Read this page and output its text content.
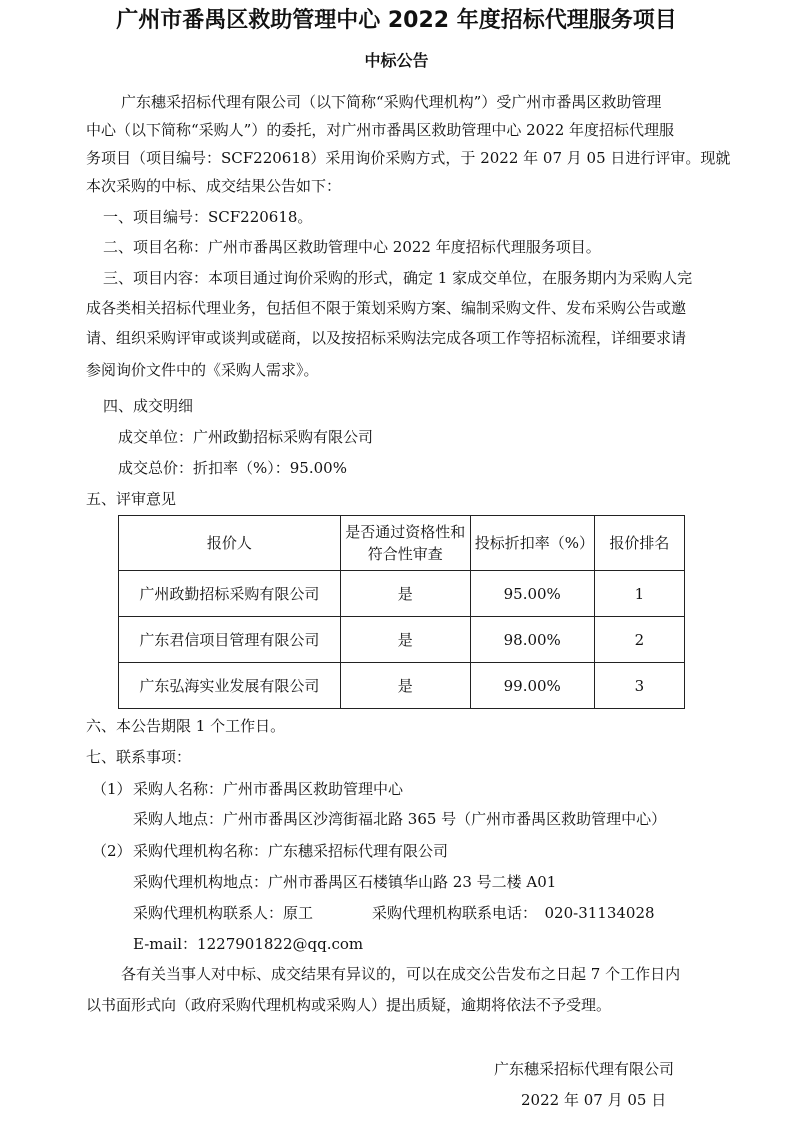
广州市番禺区救助管理中心 2022 年度招标代理服务项目
中标公告
广东穗采招标代理有限公司（以下简称“采购代理机构”）受广州市番禺区救助管理
中心（以下简称“采购人”）的委托，对广州市番禺区救助管理中心 2022 年度招标代理服
务项目（项目编号：SCF220618）采用询价采购方式，于 2022 年 07 月 05 日进行评审。现就
本次采购的中标、成交结果公告如下：
一、项目编号：SCF220618。
二、项目名称：广州市番禺区救助管理中心 2022 年度招标代理服务项目。
三、项目内容：本项目通过询价采购的形式，确定 1 家成交单位，在服务期内为采购人完
成各类相关招标代理业务，包括但不限于策划采购方案、编制采购文件、发布采购公告或邀
请、组织采购评审或谈判或磋商，以及按招标采购法完成各项工作等招标流程，详细要求请
参阅询价文件中的《采购人需求》。
四、成交明细
成交单位：广州政勤招标采购有限公司
成交总价：折扣率（%）：95.00%
五、评审意见
报价人	是否通过资格性和符合性审查	投标折扣率（%）	报价排名
广州政勤招标采购有限公司	是	95.00%	1
广东君信项目管理有限公司	是	98.00%	2
广东弘海实业发展有限公司	是	99.00%	3
六、本公告期限 1 个工作日。
七、联系事项：
（1） 采购人名称：广州市番禺区救助管理中心
采购人地点：广州市番禺区沙湾街福北路 365 号（广州市番禺区救助管理中心）
（2） 采购代理机构名称：广东穗采招标代理有限公司
采购代理机构地点：广州市番禺区石楼镇华山路 23 号二楼 A01
采购代理机构联系人：原工	采购代理机构联系电话：　020-31134028
E-mail：1227901822@qq.com
各有关当事人对中标、成交结果有异议的，可以在成交公告发布之日起 7 个工作日内
以书面形式向（政府采购代理机构或采购人）提出质疑，逾期将依法不予受理。
广东穗采招标代理有限公司
2022 年 07 月 05 日
